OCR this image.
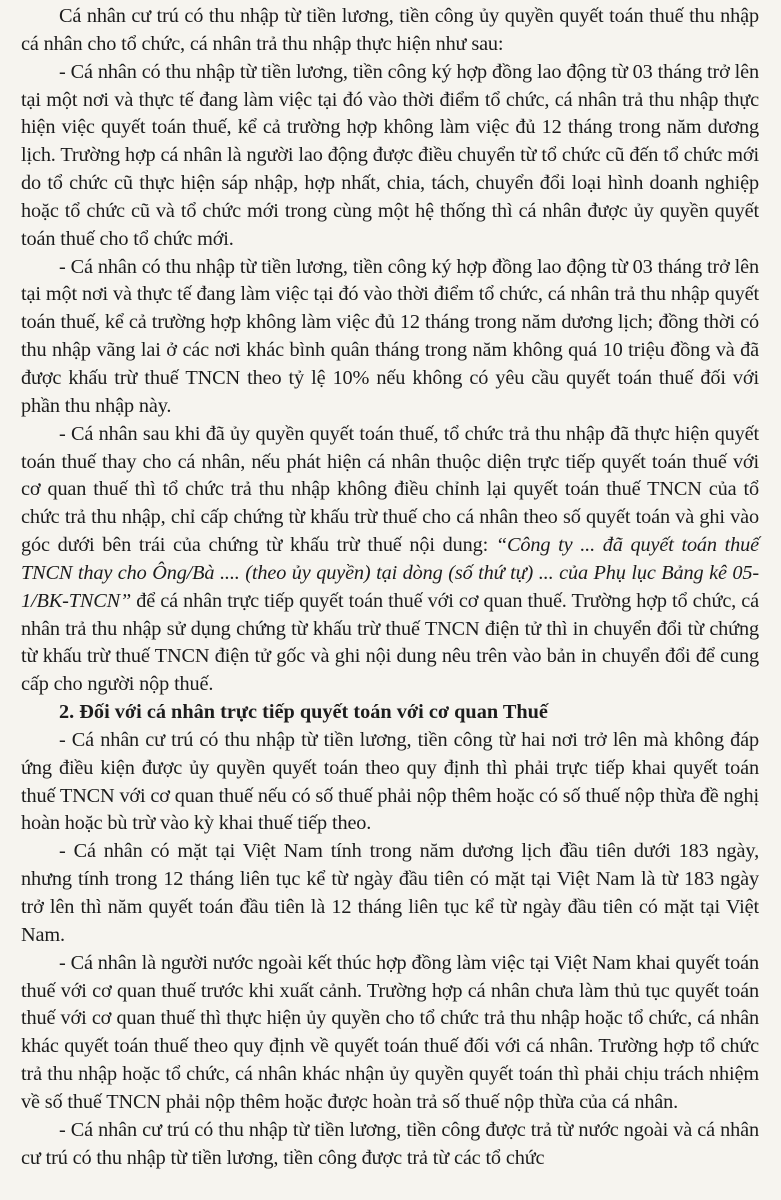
Cá nhân cư trú có thu nhập từ tiền lương, tiền công ủy quyền quyết toán thuế thu nhập cá nhân cho tổ chức, cá nhân trả thu nhập thực hiện như sau:

- Cá nhân có thu nhập từ tiền lương, tiền công ký hợp đồng lao động từ 03 tháng trở lên tại một nơi và thực tế đang làm việc tại đó vào thời điểm tổ chức, cá nhân trả thu nhập thực hiện việc quyết toán thuế, kể cả trường hợp không làm việc đủ 12 tháng trong năm dương lịch. Trường hợp cá nhân là người lao động được điều chuyển từ tổ chức cũ đến tổ chức mới do tổ chức cũ thực hiện sáp nhập, hợp nhất, chia, tách, chuyển đổi loại hình doanh nghiệp hoặc tổ chức cũ và tổ chức mới trong cùng một hệ thống thì cá nhân được ủy quyền quyết toán thuế cho tổ chức mới.

- Cá nhân có thu nhập từ tiền lương, tiền công ký hợp đồng lao động từ 03 tháng trở lên tại một nơi và thực tế đang làm việc tại đó vào thời điểm tổ chức, cá nhân trả thu nhập quyết toán thuế, kể cả trường hợp không làm việc đủ 12 tháng trong năm dương lịch; đồng thời có thu nhập vãng lai ở các nơi khác bình quân tháng trong năm không quá 10 triệu đồng và đã được khấu trừ thuế TNCN theo tỷ lệ 10% nếu không có yêu cầu quyết toán thuế đối với phần thu nhập này.

- Cá nhân sau khi đã ủy quyền quyết toán thuế, tổ chức trả thu nhập đã thực hiện quyết toán thuế thay cho cá nhân, nếu phát hiện cá nhân thuộc diện trực tiếp quyết toán thuế với cơ quan thuế thì tổ chức trả thu nhập không điều chỉnh lại quyết toán thuế TNCN của tổ chức trả thu nhập, chỉ cấp chứng từ khấu trừ thuế cho cá nhân theo số quyết toán và ghi vào góc dưới bên trái của chứng từ khấu trừ thuế nội dung: “Công ty ... đã quyết toán thuế TNCN thay cho Ông/Bà .... (theo ủy quyền) tại dòng (số thứ tự) ... của Phụ lục Bảng kê 05-1/BK-TNCN” để cá nhân trực tiếp quyết toán thuế với cơ quan thuế. Trường hợp tổ chức, cá nhân trả thu nhập sử dụng chứng từ khấu trừ thuế TNCN điện tử thì in chuyển đổi từ chứng từ khấu trừ thuế TNCN điện tử gốc và ghi nội dung nêu trên vào bản in chuyển đổi để cung cấp cho người nộp thuế.

2. Đối với cá nhân trực tiếp quyết toán với cơ quan Thuế

- Cá nhân cư trú có thu nhập từ tiền lương, tiền công từ hai nơi trở lên mà không đáp ứng điều kiện được ủy quyền quyết toán theo quy định thì phải trực tiếp khai quyết toán thuế TNCN với cơ quan thuế nếu có số thuế phải nộp thêm hoặc có số thuế nộp thừa đề nghị hoàn hoặc bù trừ vào kỳ khai thuế tiếp theo.

- Cá nhân có mặt tại Việt Nam tính trong năm dương lịch đầu tiên dưới 183 ngày, nhưng tính trong 12 tháng liên tục kể từ ngày đầu tiên có mặt tại Việt Nam là từ 183 ngày trở lên thì năm quyết toán đầu tiên là 12 tháng liên tục kể từ ngày đầu tiên có mặt tại Việt Nam.

- Cá nhân là người nước ngoài kết thúc hợp đồng làm việc tại Việt Nam khai quyết toán thuế với cơ quan thuế trước khi xuất cảnh. Trường hợp cá nhân chưa làm thủ tục quyết toán thuế với cơ quan thuế thì thực hiện ủy quyền cho tổ chức trả thu nhập hoặc tổ chức, cá nhân khác quyết toán thuế theo quy định về quyết toán thuế đối với cá nhân. Trường hợp tổ chức trả thu nhập hoặc tổ chức, cá nhân khác nhận ủy quyền quyết toán thì phải chịu trách nhiệm về số thuế TNCN phải nộp thêm hoặc được hoàn trả số thuế nộp thừa của cá nhân.

- Cá nhân cư trú có thu nhập từ tiền lương, tiền công được trả từ nước ngoài và cá nhân cư trú có thu nhập từ tiền lương, tiền công được trả từ các tổ chức
